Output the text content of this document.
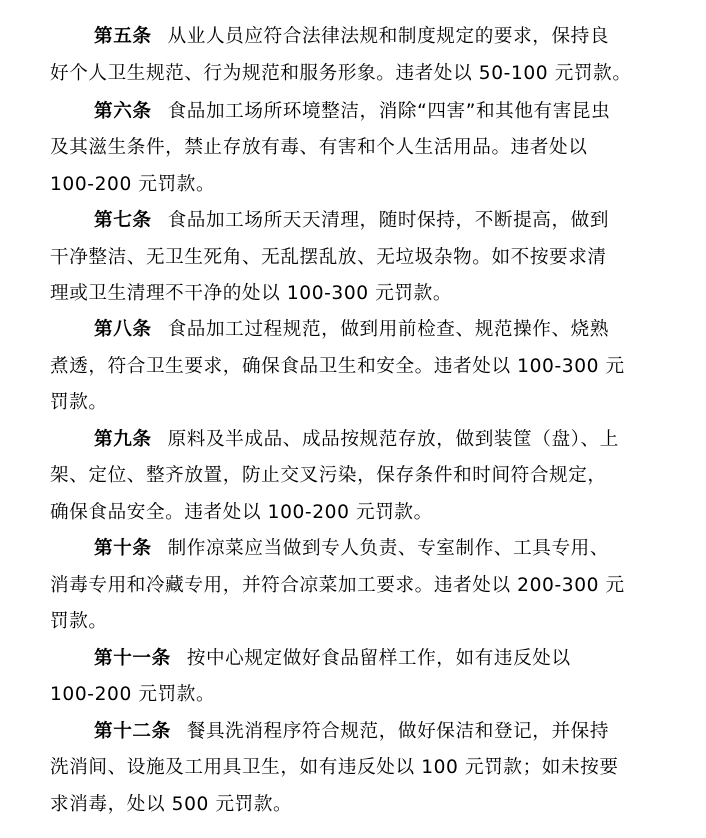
第五条 从业人员应符合法律法规和制度规定的要求，保持良
好个人卫生规范、行为规范和服务形象。违者处以 50-100 元罚款。
第六条 食品加工场所环境整洁，消除“四害”和其他有害昆虫
及其滋生条件，禁止存放有毒、有害和个人生活用品。违者处以
100-200 元罚款。
第七条 食品加工场所天天清理，随时保持，不断提高，做到
干净整洁、无卫生死角、无乱摆乱放、无垃圾杂物。如不按要求清
理或卫生清理不干净的处以 100-300 元罚款。
第八条 食品加工过程规范，做到用前检查、规范操作、烧熟
煮透，符合卫生要求，确保食品卫生和安全。违者处以 100-300 元
罚款。
第九条 原料及半成品、成品按规范存放，做到装筐（盘）、上
架、定位、整齐放置，防止交叉污染，保存条件和时间符合规定，
确保食品安全。违者处以 100-200 元罚款。
第十条 制作凉菜应当做到专人负责、专室制作、工具专用、
消毒专用和冷藏专用，并符合凉菜加工要求。违者处以 200-300 元
罚款。
第十一条 按中心规定做好食品留样工作，如有违反处以
100-200 元罚款。
第十二条 餐具洗消程序符合规范，做好保洁和登记，并保持
洗消间、设施及工用具卫生，如有违反处以 100 元罚款；如未按要
求消毒，处以 500 元罚款。
